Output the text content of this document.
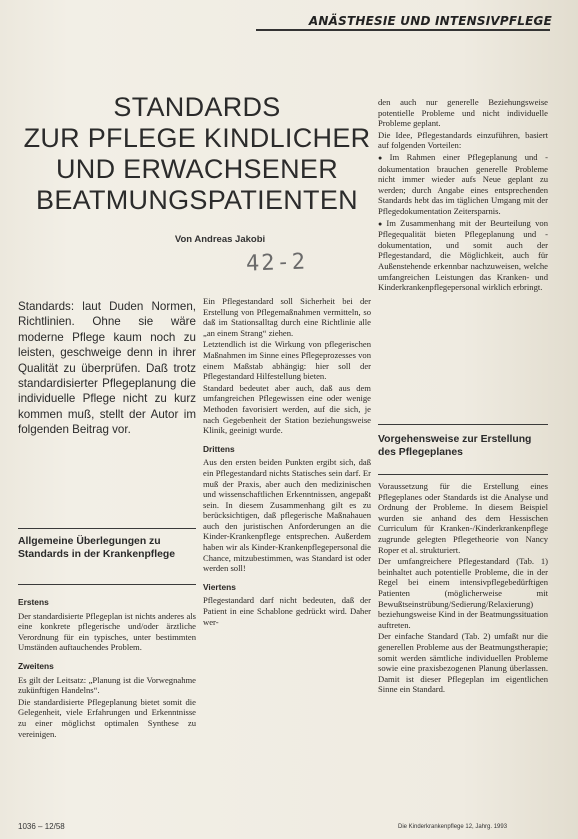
ANÄSTHESIE UND INTENSIVPFLEGE
STANDARDS
ZUR PFLEGE KINDLICHER
UND ERWACHSENER
BEATMUNGSPATIENTEN
Von Andreas Jakobi
42-2
Standards: laut Duden Normen, Richtlinien. Ohne sie wäre moderne Pflege kaum noch zu leisten, geschweige denn in ihrer Qualität zu überprüfen. Daß trotz standardisierter Pflegeplanung die individuelle Pflege nicht zu kurz kommen muß, stellt der Autor im folgenden Beitrag vor.
Allgemeine Überlegungen zu Standards in der Krankenpflege
Erstens

Der standardisierte Pflegeplan ist nichts anderes als eine konkrete pflegerische und/oder ärztliche Verordnung für ein typisches, unter bestimmten Umständen auftauchendes Problem.

Zweitens

Es gilt der Leitsatz: „Planung ist die Vorwegnahme zukünftigen Handelns“.

Die standardisierte Pflegeplanung bietet somit die Gelegenheit, viele Erfahrungen und Erkenntnisse zu einer möglichst optimalen Synthese zu vereinigen.

Ein Pflegestandard soll Sicherheit bei der Erstellung von Pflegemaßnahmen vermitteln, so daß im Stationsalltag durch eine Richtlinie alle „an einem Strang“ ziehen.

Letztendlich ist die Wirkung von pflegerischen Maßnahmen im Sinne eines Pflegeprozesses von einem Maßstab abhängig: hier soll der Pflegestandard Hilfestellung bieten.

Standard bedeutet aber auch, daß aus dem umfangreichen Pflegewissen eine oder wenige Methoden favorisiert werden, auf die sich, je nach Gegebenheit der Station beziehungsweise Klinik, geeinigt wurde.

Drittens

Aus den ersten beiden Punkten ergibt sich, daß ein Pflegestandard nichts Statisches sein darf. Er muß der Praxis, aber auch den medizinischen und wissenschaftlichen Erkenntnissen, angepaßt sein. In diesem Zusammenhang gilt es zu berücksichtigen, daß pflegerische Maßnahauen auch den juristischen Anforderungen an die Kinder-Krankenpflege entsprechen. Außerdem haben wir als Kinder-Krankenpflegepersonal die Chance, mitzubestimmen, was Standard ist oder werden soll!

Viertens

Pflegestandard darf nicht bedeuten, daß der Patient in eine Schablone gedrückt wird. Daher wer-

den auch nur generelle Beziehungsweise potentielle Probleme und nicht individuelle Probleme geplant.

Die Idee, Pflegestandards einzuführen, basiert auf folgenden Vorteilen:

● Im Rahmen einer Pflegeplanung und -dokumentation brauchen generelle Probleme nicht immer wieder aufs Neue geplant zu werden; durch Angabe eines entsprechenden Standards hebt das im täglichen Umgang mit der Pflegedokumentation Zeitersparnis.

● Im Zusammenhang mit der Beurteilung von Pflegequalität bieten Pflegeplanung und -dokumentation, und somit auch der Pflegestandard, die Möglichkeit, auch für Außenstehende erkennbar nachzuweisen, welche umfangreichen Leistungen das Kranken- und Kinderkrankenpflegepersonal wirklich erbringt.

Vorgehensweise zur Erstellung des Pflegeplanes

Voraussetzung für die Erstellung eines Pflegeplanes oder Standards ist die Analyse und Ordnung der Probleme. In diesem Beispiel wurden sie anhand des dem Hessischen Curriculum für Kranken-/Kinderkrankenpflege zugrunde gelegten Pflegetheorie von Nancy Roper et al. strukturiert.

Der umfangreichere Pflegestandard (Tab. 1) beinhaltet auch potentielle Probleme, die in der Regel bei einem intensivpflegebedürftigen Patienten (möglicherweise mit Bewußtseinstrübung/Sedierung/Relaxierung) beziehungsweise Kind in der Beatmungssituation auftreten.

Der einfache Standard (Tab. 2) umfaßt nur die generellen Probleme aus der Beatmungstherapie; somit werden sämtliche individuellen Probleme sowie eine praxisbezogenen Planung überlassen. Damit ist dieser Pflegeplan im eigentlichen Sinne ein Standard.

1036 – 12/58	Die Kinderkrankenpflege 12, Jahrg. 1993
